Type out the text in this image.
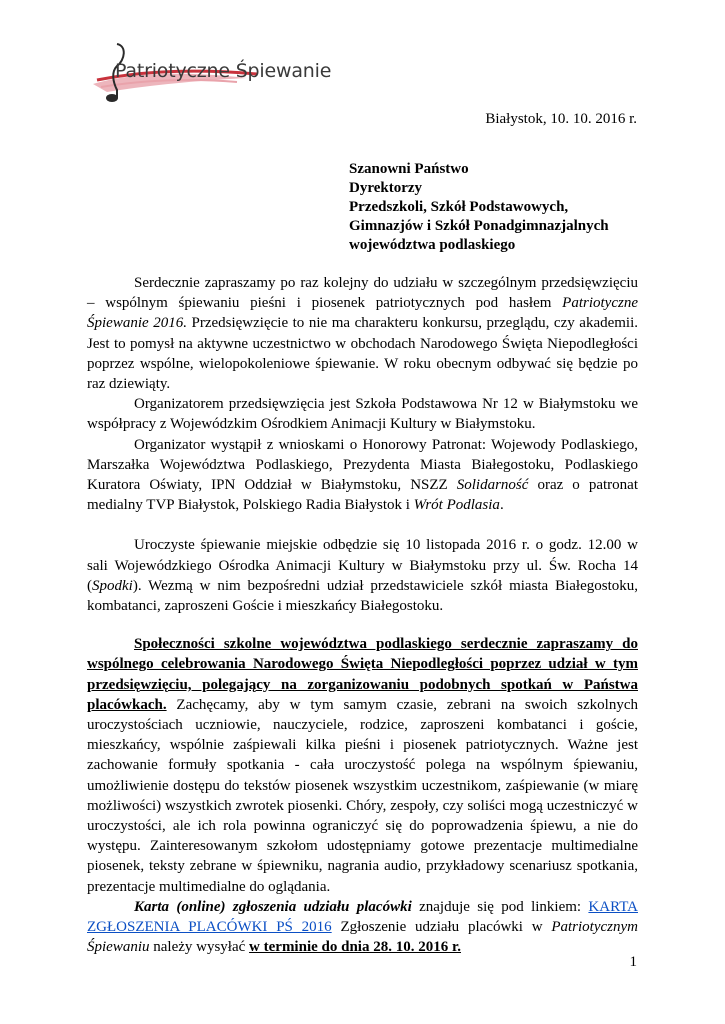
Patriotyczne Śpiewanie
Białystok, 10. 10. 2016 r.
Szanowni Państwo
Dyrektorzy
Przedszkoli, Szkół Podstawowych,
Gimnazjów i Szkół Ponadgimnazjalnych
województwa podlaskiego

Serdecznie zapraszamy po raz kolejny do udziału w szczególnym przedsięwzięciu – wspólnym śpiewaniu pieśni i piosenek patriotycznych pod hasłem Patriotyczne Śpiewanie 2016. Przedsięwzięcie to nie ma charakteru konkursu, przeglądu, czy akademii. Jest to pomysł na aktywne uczestnictwo w obchodach Narodowego Święta Niepodległości poprzez wspólne, wielopokoleniowe śpiewanie. W roku obecnym odbywać się będzie po raz dziewiąty.

Organizatorem przedsięwzięcia jest Szkoła Podstawowa Nr 12 w Białymstoku we współpracy z Wojewódzkim Ośrodkiem Animacji Kultury w Białymstoku.

Organizator wystąpił z wnioskami o Honorowy Patronat: Wojewody Podlaskiego, Marszałka Województwa Podlaskiego, Prezydenta Miasta Białegostoku, Podlaskiego Kuratora Oświaty, IPN Oddział w Białymstoku, NSZZ Solidarność oraz o patronat medialny TVP Białystok, Polskiego Radia Białystok i Wrót Podlasia.

Uroczyste śpiewanie miejskie odbędzie się 10 listopada 2016 r. o godz. 12.00 w sali Wojewódzkiego Ośrodka Animacji Kultury w Białymstoku przy ul. Św. Rocha 14 (Spodki). Wezmą w nim bezpośredni udział przedstawiciele szkół miasta Białegostoku, kombatanci, zaproszeni Goście i mieszkańcy Białegostoku.

Społeczności szkolne województwa podlaskiego serdecznie zapraszamy do wspólnego celebrowania Narodowego Święta Niepodległości poprzez udział w tym przedsięwzięciu, polegający na zorganizowaniu podobnych spotkań w Państwa placówkach. Zachęcamy, aby w tym samym czasie, zebrani na swoich szkolnych uroczystościach uczniowie, nauczyciele, rodzice, zaproszeni kombatanci i goście, mieszkańcy, wspólnie zaśpiewali kilka pieśni i piosenek patriotycznych. Ważne jest zachowanie formuły spotkania - cała uroczystość polega na wspólnym śpiewaniu, umożliwienie dostępu do tekstów piosenek wszystkim uczestnikom, zaśpiewanie (w miarę możliwości) wszystkich zwrotek piosenki. Chóry, zespoły, czy soliści mogą uczestniczyć w uroczystości, ale ich rola powinna ograniczyć się do poprowadzenia śpiewu, a nie do występu. Zainteresowanym szkołom udostępniamy gotowe prezentacje multimedialne piosenek, teksty zebrane w śpiewniku, nagrania audio, przykładowy scenariusz spotkania, prezentacje multimedialne do oglądania.

Karta (online) zgłoszenia udziału placówki znajduje się pod linkiem: KARTA ZGŁOSZENIA PLACÓWKI PŚ 2016 Zgłoszenie udziału placówki w Patriotycznym Śpiewaniu należy wysyłać w terminie do dnia 28. 10. 2016 r.

1
